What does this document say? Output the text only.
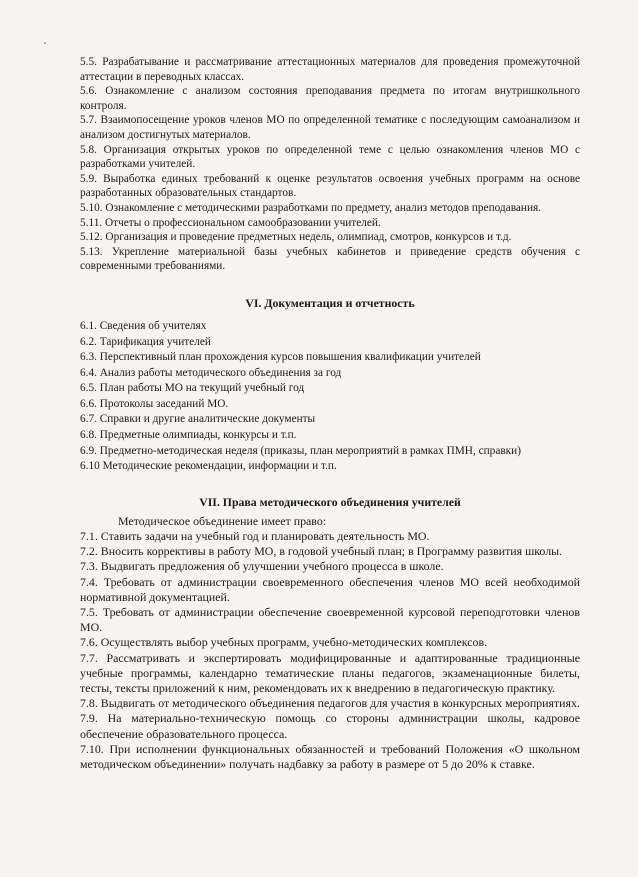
5.5. Разрабатывание и рассматривание аттестационных материалов для проведения промежуточной аттестации в переводных классах.

5.6. Ознакомление с анализом состояния преподавания предмета по итогам внутришкольного контроля.

5.7. Взаимопосещение уроков членов МО по определенной тематике с последующим самоанализом и анализом достигнутых материалов.

5.8. Организация открытых уроков по определенной теме с целью ознакомления членов МО с разработками учителей.

5.9. Выработка единых требований к оценке результатов освоения учебных программ на основе разработанных образовательных стандартов.

5.10. Ознакомление с методическими разработками по предмету, анализ методов преподавания.

5.11. Отчеты о профессиональном самообразовании учителей.

5.12. Организация и проведение предметных недель, олимпиад, смотров, конкурсов и т.д.

5.13. Укрепление материальной базы учебных кабинетов и приведение средств обучения с современными требованиями.

VI. Документация и отчетность

6.1. Сведения об учителях

6.2. Тарификация учителей

6.3. Перспективный план прохождения курсов повышения квалификации учителей

6.4. Анализ работы методического объединения за год

6.5. План работы МО на текущий учебный год

6.6. Протоколы заседаний МО.

6.7. Справки и другие аналитические документы

6.8. Предметные олимпиады, конкурсы и т.п.

6.9. Предметно-методическая неделя (приказы, план мероприятий в рамках ПМН, справки)

6.10 Методические рекомендации, информации и т.п.

VII. Права методического объединения учителей

Методическое объединение имеет право:

7.1. Ставить задачи на учебный год и планировать деятельность МО.

7.2. Вносить коррективы в работу МО, в годовой учебный план; в Программу развития школы.

7.3. Выдвигать предложения об улучшении учебного процесса в школе.

7.4. Требовать от администрации своевременного обеспечения членов МО всей необходимой нормативной документацией.

7.5. Требовать от администрации обеспечение своевременной курсовой переподготовки членов МО.

7.6. Осуществлять выбор учебных программ, учебно-методических комплексов.

7.7. Рассматривать и экспертировать модифицированные и адаптированные традиционные учебные программы, календарно тематические планы педагогов, экзаменационные билеты, тесты, тексты приложений к ним, рекомендовать их к внедрению в педагогическую практику.

7.8. Выдвигать от методического объединения педагогов для участия в конкурсных мероприятиях.

7.9. На материально-техническую помощь со стороны администрации школы, кадровое обеспечение образовательного процесса.

7.10. При исполнении функциональных обязанностей и требований Положения «О школьном методическом объединении» получать надбавку за работу в размере от 5 до 20% к ставке.
